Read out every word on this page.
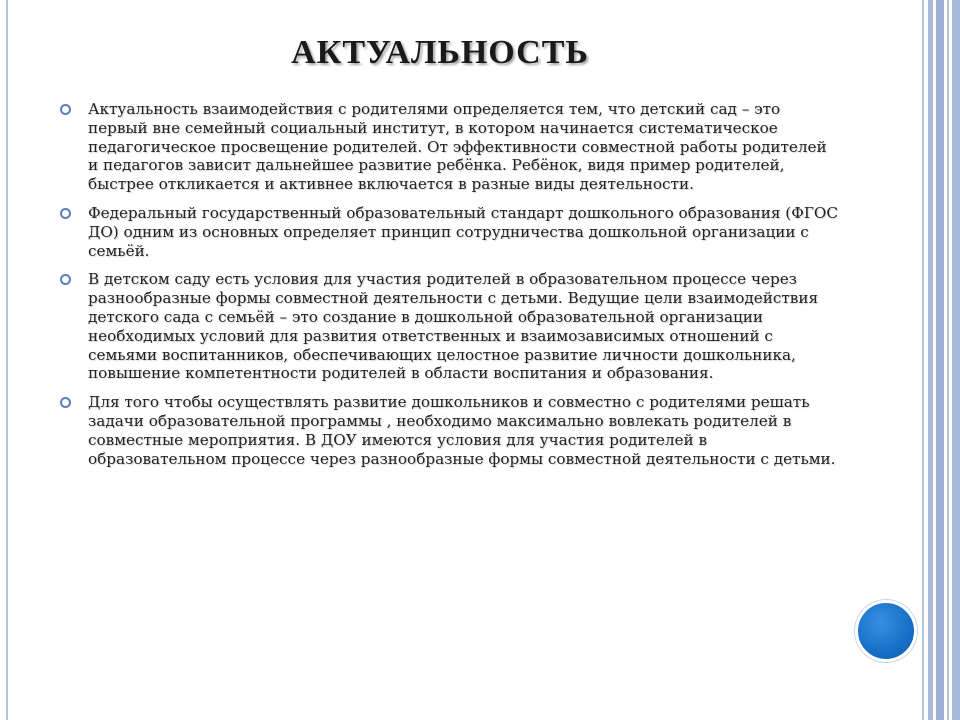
АКТУАЛЬНОСТЬ
Актуальность взаимодействия с родителями определяется тем, что детский сад – это первый вне семейный социальный институт, в котором начинается систематическое педагогическое просвещение родителей. От эффективности совместной работы родителей и педагогов зависит дальнейшее развитие ребёнка. Ребёнок, видя пример родителей, быстрее откликается и активнее включается в разные виды деятельности.
Федеральный государственный образовательный стандарт дошкольного образования (ФГОС ДО) одним из основных определяет принцип сотрудничества дошкольной организации с семьёй.
В детском саду есть условия для участия родителей в образовательном процессе через разнообразные формы совместной деятельности с детьми. Ведущие цели взаимодействия детского сада с семьёй – это создание в дошкольной образовательной организации необходимых условий для развития ответственных и взаимозависимых отношений с семьями воспитанников, обеспечивающих целостное развитие личности дошкольника, повышение компетентности родителей в области воспитания и образования.
Для того чтобы осуществлять развитие дошкольников и совместно с родителями решать задачи образовательной программы , необходимо максимально вовлекать родителей в совместные мероприятия. В ДОУ имеются условия для участия родителей в образовательном процессе через разнообразные формы совместной деятельности с детьми.
